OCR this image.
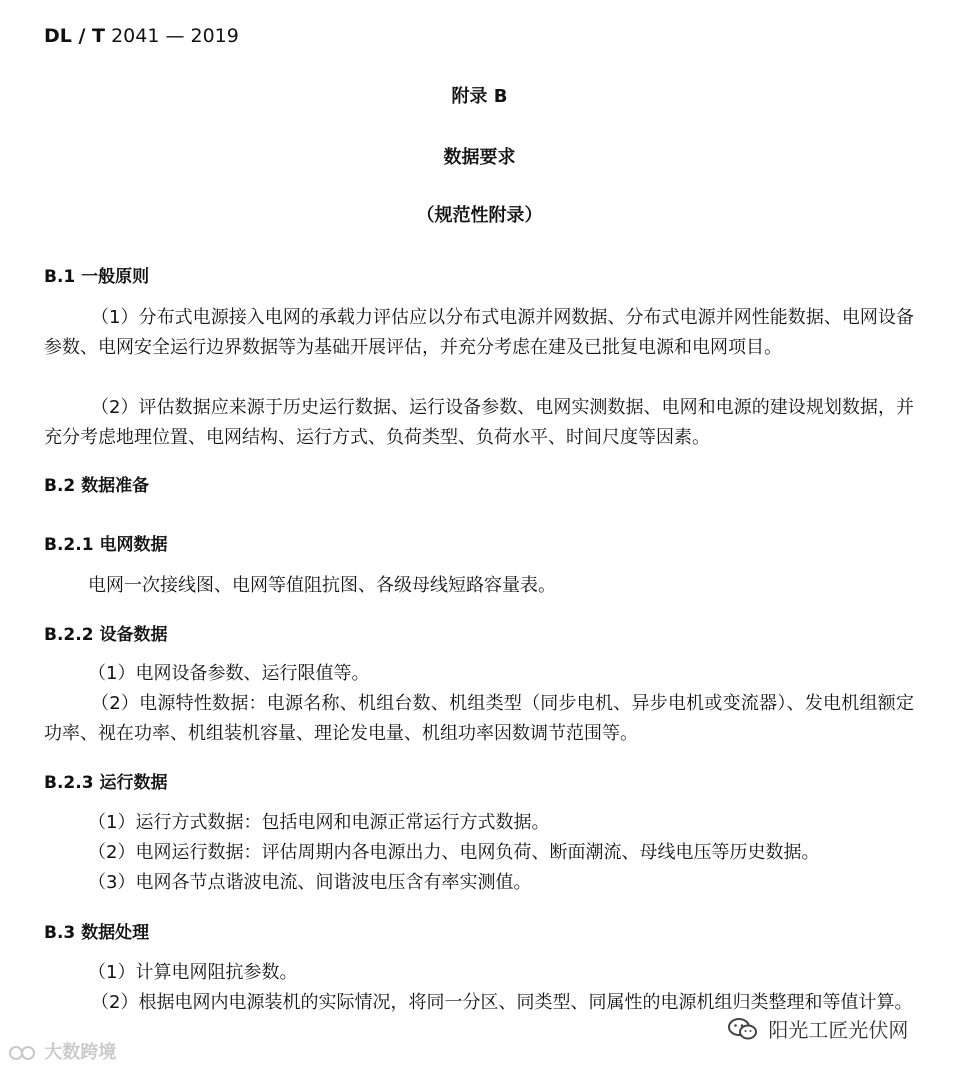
DL / T 2041 — 2019
附录 B
数据要求
（规范性附录）
B.1 一般原则
（1）分布式电源接入电网的承载力评估应以分布式电源并网数据、分布式电源并网性能数据、电网设备参数、电网安全运行边界数据等为基础开展评估，并充分考虑在建及已批复电源和电网项目。
（2）评估数据应来源于历史运行数据、运行设备参数、电网实测数据、电网和电源的建设规划数据，并充分考虑地理位置、电网结构、运行方式、负荷类型、负荷水平、时间尺度等因素。
B.2 数据准备
B.2.1 电网数据
电网一次接线图、电网等值阻抗图、各级母线短路容量表。
B.2.2 设备数据
（1）电网设备参数、运行限值等。
（2）电源特性数据：电源名称、机组台数、机组类型（同步电机、异步电机或变流器）、发电机组额定功率、视在功率、机组装机容量、理论发电量、机组功率因数调节范围等。
B.2.3 运行数据
（1）运行方式数据：包括电网和电源正常运行方式数据。
（2）电网运行数据：评估周期内各电源出力、电网负荷、断面潮流、母线电压等历史数据。
（3）电网各节点谐波电流、间谐波电压含有率实测值。
B.3 数据处理
（1）计算电网阻抗参数。
（2）根据电网内电源装机的实际情况，将同一分区、同类型、同属性的电源机组归类整理和等值计算。
阳光工匠光伏网
大数跨境
